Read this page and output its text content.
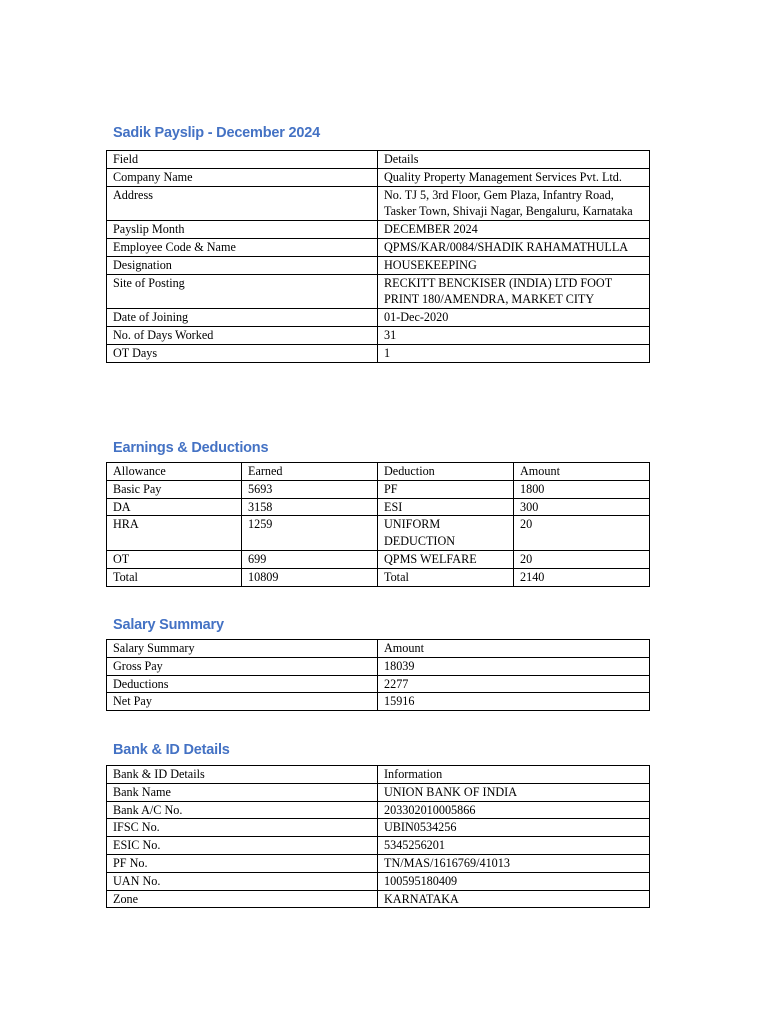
Sadik Payslip - December 2024
Field	Details
Company Name	Quality Property Management Services Pvt. Ltd.
Address	No. TJ 5, 3rd Floor, Gem Plaza, Infantry Road, Tasker Town, Shivaji Nagar, Bengaluru, Karnataka
Payslip Month	DECEMBER 2024
Employee Code & Name	QPMS/KAR/0084/SHADIK RAHAMATHULLA
Designation	HOUSEKEEPING
Site of Posting	RECKITT BENCKISER (INDIA) LTD FOOT PRINT 180/AMENDRA, MARKET CITY
Date of Joining	01-Dec-2020
No. of Days Worked	31
OT Days	1
Earnings & Deductions
Allowance	Earned	Deduction	Amount
Basic Pay	5693	PF	1800
DA	3158	ESI	300
HRA	1259	UNIFORM DEDUCTION	20
OT	699	QPMS WELFARE	20
Total	10809	Total	2140
Salary Summary
Salary Summary	Amount
Gross Pay	18039
Deductions	2277
Net Pay	15916
Bank & ID Details
Bank & ID Details	Information
Bank Name	UNION BANK OF INDIA
Bank A/C No.	203302010005866
IFSC No.	UBIN0534256
ESIC No.	5345256201
PF No.	TN/MAS/1616769/41013
UAN No.	100595180409
Zone	KARNATAKA
